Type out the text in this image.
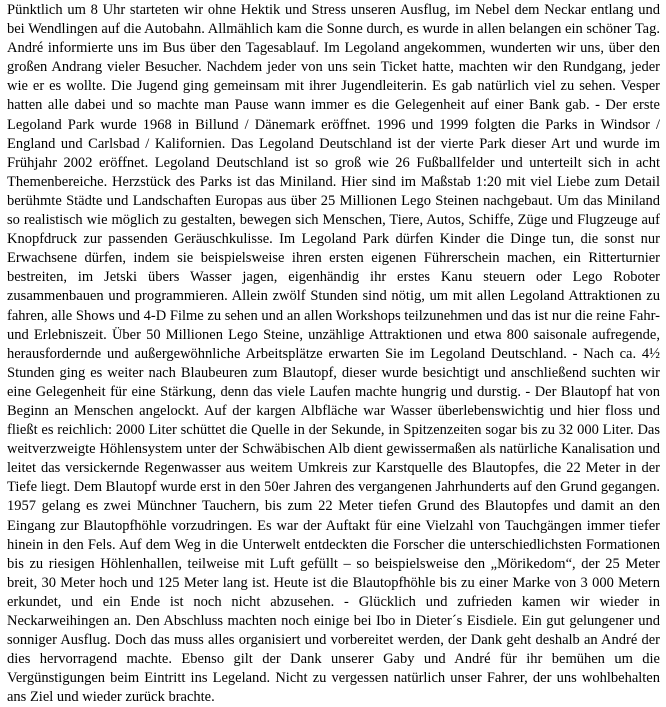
Pünktlich um 8 Uhr starteten wir ohne Hektik und Stress unseren Ausflug, im Nebel dem Neckar entlang und bei Wendlingen auf die Autobahn. Allmählich kam die Sonne durch, es wurde in allen belangen ein schöner Tag. André informierte uns im Bus über den Tagesablauf. Im Legoland angekommen, wunderten wir uns, über den großen Andrang vieler Besucher. Nachdem jeder von uns sein Ticket hatte, machten wir den Rundgang, jeder wie er es wollte. Die Jugend ging gemeinsam mit ihrer Jugendleiterin. Es gab natürlich viel zu sehen. Vesper hatten alle dabei und so machte man Pause wann immer es die Gelegenheit auf einer Bank gab. - Der erste Legoland Park wurde 1968 in Billund / Dänemark eröffnet. 1996 und 1999 folgten die Parks in Windsor / England und Carlsbad / Kalifornien. Das Legoland Deutschland ist der vierte Park dieser Art und wurde im Frühjahr 2002 eröffnet. Legoland Deutschland ist so groß wie 26 Fußballfelder und unterteilt sich in acht Themenbereiche. Herzstück des Parks ist das Miniland. Hier sind im Maßstab 1:20 mit viel Liebe zum Detail berühmte Städte und Landschaften Europas aus über 25 Millionen Lego Steinen nachgebaut. Um das Miniland so realistisch wie möglich zu gestalten, bewegen sich Menschen, Tiere, Autos, Schiffe, Züge und Flugzeuge auf Knopfdruck zur passenden Geräuschkulisse. Im Legoland Park dürfen Kinder die Dinge tun, die sonst nur Erwachsene dürfen, indem sie beispielsweise ihren ersten eigenen Führerschein machen, ein Ritterturnier bestreiten, im Jetski übers Wasser jagen, eigenhändig ihr erstes Kanu steuern oder Lego Roboter zusammenbauen und programmieren. Allein zwölf Stunden sind nötig, um mit allen Legoland Attraktionen zu fahren, alle Shows und 4-D Filme zu sehen und an allen Workshops teilzunehmen und das ist nur die reine Fahr- und Erlebniszeit. Über 50 Millionen Lego Steine, unzählige Attraktionen und etwa 800 saisonale aufregende, herausfordernde und außergewöhnliche Arbeitsplätze erwarten Sie im Legoland Deutschland. - Nach ca. 4½ Stunden ging es weiter nach Blaubeuren zum Blautopf, dieser wurde besichtigt und anschließend suchten wir eine Gelegenheit für eine Stärkung, denn das viele Laufen machte hungrig und durstig. - Der Blautopf hat von Beginn an Menschen angelockt. Auf der kargen Albfläche war Wasser überlebenswichtig und hier floss und fließt es reichlich: 2000 Liter schüttet die Quelle in der Sekunde, in Spitzenzeiten sogar bis zu 32 000 Liter. Das weitverzweigte Höhlensystem unter der Schwäbischen Alb dient gewissermaßen als natürliche Kanalisation und leitet das versickernde Regenwasser aus weitem Umkreis zur Karstquelle des Blautopfes, die 22 Meter in der Tiefe liegt. Dem Blautopf wurde erst in den 50er Jahren des vergangenen Jahrhunderts auf den Grund gegangen. 1957 gelang es zwei Münchner Tauchern, bis zum 22 Meter tiefen Grund des Blautopfes und damit an den Eingang zur Blautopfhöhle vorzudringen. Es war der Auftakt für eine Vielzahl von Tauchgängen immer tiefer hinein in den Fels. Auf dem Weg in die Unterwelt entdeckten die Forscher die unterschiedlichsten Formationen bis zu riesigen Höhlenhallen, teilweise mit Luft gefüllt – so beispielsweise den „Mörikedom“, der 25 Meter breit, 30 Meter hoch und 125 Meter lang ist. Heute ist die Blautopfhöhle bis zu einer Marke von 3 000 Metern erkundet, und ein Ende ist noch nicht abzusehen. - Glücklich und zufrieden kamen wir wieder in Neckarweihingen an. Den Abschluss machten noch einige bei Ibo in Dieter´s Eisdiele. Ein gut gelungener und sonniger Ausflug. Doch das muss alles organisiert und vorbereitet werden, der Dank geht deshalb an André der dies hervorragend machte. Ebenso gilt der Dank unserer Gaby und André für ihr bemühen um die Vergünstigungen beim Eintritt ins Legeland. Nicht zu vergessen natürlich unser Fahrer, der uns wohlbehalten ans Ziel und wieder zurück brachte.
